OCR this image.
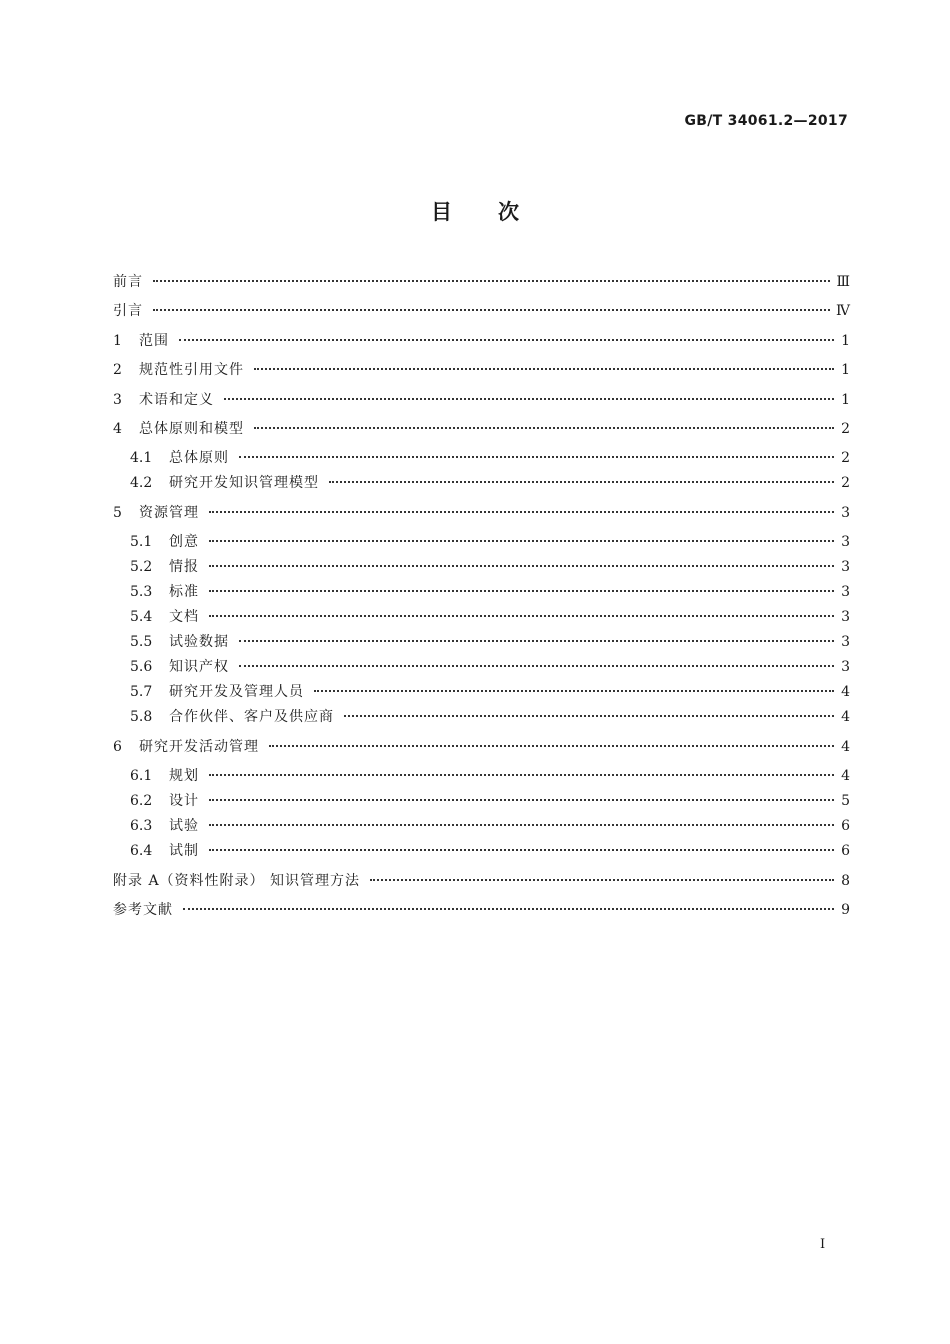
GB/T 34061.2—2017
目次
前言	Ⅲ
引言	Ⅳ
1	范围	1
2	规范性引用文件	1
3	术语和定义	1
4	总体原则和模型	2
4.1	总体原则	2
4.2	研究开发知识管理模型	2
5	资源管理	3
5.1	创意	3
5.2	情报	3
5.3	标准	3
5.4	文档	3
5.5	试验数据	3
5.6	知识产权	3
5.7	研究开发及管理人员	4
5.8	合作伙伴、客户及供应商	4
6	研究开发活动管理	4
6.1	规划	4
6.2	设计	5
6.3	试验	6
6.4	试制	6
附录 A（资料性附录） 知识管理方法	8
参考文献	9
Ⅰ
